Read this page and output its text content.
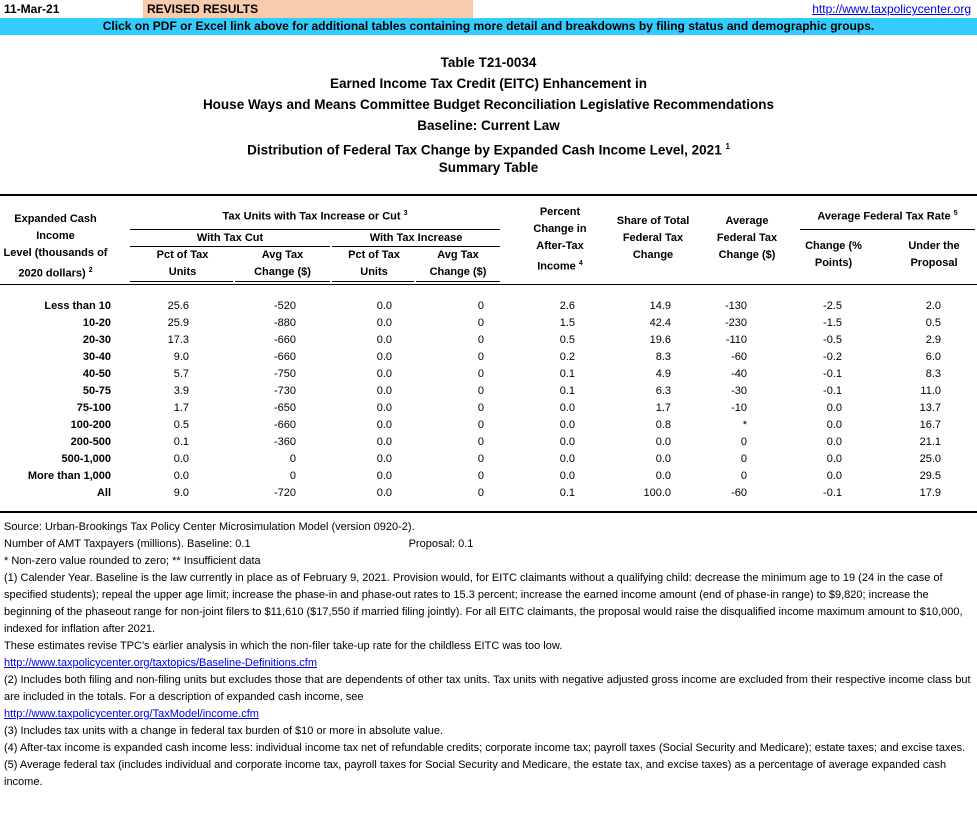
11-Mar-21	REVISED RESULTS	http://www.taxpolicycenter.org
Click on PDF or Excel link above for additional tables containing more detail and breakdowns by filing status and demographic groups.
Table T21-0034
Earned Income Tax Credit (EITC) Enhancement in
House Ways and Means Committee Budget Reconciliation Legislative Recommendations
Baseline: Current Law
Distribution of Federal Tax Change by Expanded Cash Income Level, 2021 $^1$
Summary Table
Expanded Cash Income
Level (thousands of
2020 dollars) $^2$
Tax Units with Tax Increase or Cut $^3$
With Tax Cut	With Tax Increase
Pct of Tax
Units
Avg Tax
Change ($)
Pct of Tax
Units
Avg Tax
Change ($)
Percent
Change in
After-Tax
Income $^4$
Share of Total
Federal Tax
Change
Average
Federal Tax
Change ($)
Average Federal Tax Rate $^5$
Change (%
Points)
Under the
Proposal
Less than 10	25.6	-520	0.0	0	2.6	14.9	-130	-2.5	2.0
10-20	25.9	-880	0.0	0	1.5	42.4	-230	-1.5	0.5
20-30	17.3	-660	0.0	0	0.5	19.6	-110	-0.5	2.9
30-40	9.0	-660	0.0	0	0.2	8.3	-60	-0.2	6.0
40-50	5.7	-750	0.0	0	0.1	4.9	-40	-0.1	8.3
50-75	3.9	-730	0.0	0	0.1	6.3	-30	-0.1	11.0
75-100	1.7	-650	0.0	0	0.0	1.7	-10	0.0	13.7
100-200	0.5	-660	0.0	0	0.0	0.8	*	0.0	16.7
200-500	0.1	-360	0.0	0	0.0	0.0	0	0.0	21.1
500-1,000	0.0	0	0.0	0	0.0	0.0	0	0.0	25.0
More than 1,000	0.0	0	0.0	0	0.0	0.0	0	0.0	29.5
All	9.0	-720	0.0	0	0.1	100.0	-60	-0.1	17.9
Source: Urban-Brookings Tax Policy Center Microsimulation Model (version 0920-2).
Number of AMT Taxpayers (millions). Baseline: 0.1	Proposal: 0.1
* Non-zero value rounded to zero; ** Insufficient data
(1) Calender Year. Baseline is the law currently in place as of February 9, 2021. Provision would, for EITC claimants without a qualifying child: decrease the minimum age to 19 (24 in the case of specified students); repeal the upper age limit; increase the phase-in and phase-out rates to 15.3 percent; increase the earned income amount (end of phase-in range) to $9,820; increase the beginning of the phaseout range for non-joint filers to $11,610 ($17,550 if married filing jointly). For all EITC claimants, the proposal would raise the disqualified income maximum amount to $10,000, indexed for inflation after 2021.
These estimates revise TPC's earlier analysis in which the non-filer take-up rate for the childless EITC was too low.
http://www.taxpolicycenter.org/taxtopics/Baseline-Definitions.cfm
(2) Includes both filing and non-filing units but excludes those that are dependents of other tax units. Tax units with negative adjusted gross income are excluded from their respective income class but are included in the totals. For a description of expanded cash income, see
http://www.taxpolicycenter.org/TaxModel/income.cfm
(3) Includes tax units with a change in federal tax burden of $10 or more in absolute value.
(4) After-tax income is expanded cash income less: individual income tax net of refundable credits; corporate income tax; payroll taxes (Social Security and Medicare); estate taxes; and excise taxes.
(5) Average federal tax (includes individual and corporate income tax, payroll taxes for Social Security and Medicare, the estate tax, and excise taxes) as a percentage of average expanded cash income.
